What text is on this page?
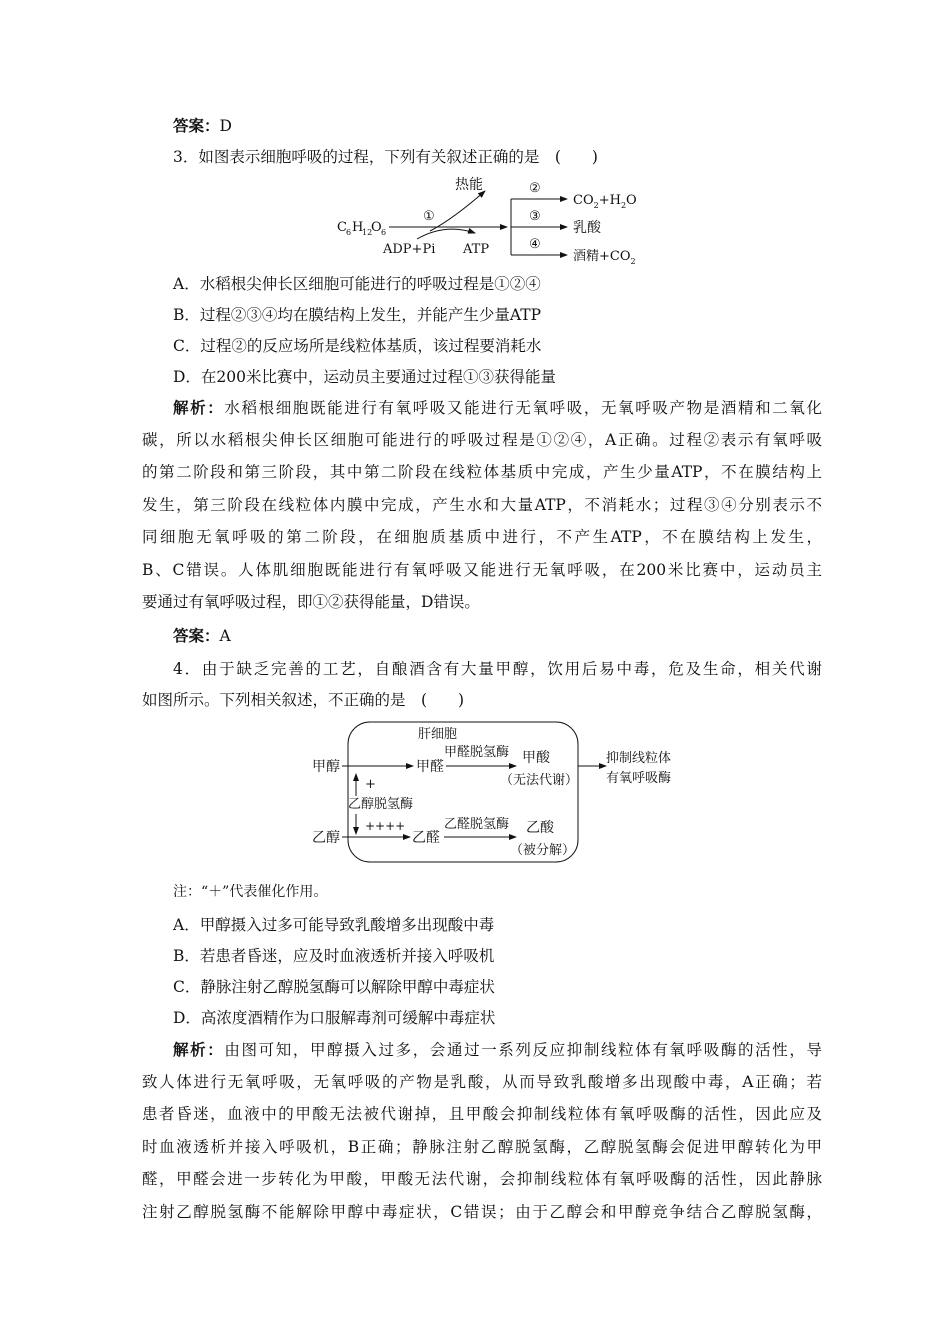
答案：D
3．如图表示细胞呼吸的过程，下列有关叙述正确的是　(　　)
C 6 H
12
O 6
①
热能
ADP+Pi ATP
②
③
④
$CO_2+H_2O$
乳酸
酒精$+CO_2$
A．水稻根尖伸长区细胞可能进行的呼吸过程是①②④
B．过程②③④均在膜结构上发生，并能产生少量ATP
C．过程②的反应场所是线粒体基质，该过程要消耗水
D．在200米比赛中，运动员主要通过过程①③获得能量
解析：水稻根细胞既能进行有氧呼吸又能进行无氧呼吸，无氧呼吸产物是酒精和二氧化
碳，所以水稻根尖伸长区细胞可能进行的呼吸过程是①②④，A正确。过程②表示有氧呼吸
的第二阶段和第三阶段，其中第二阶段在线粒体基质中完成，产生少量ATP，不在膜结构上
发生，第三阶段在线粒体内膜中完成，产生水和大量ATP，不消耗水；过程③④分别表示不
同细胞无氧呼吸的第二阶段，在细胞质基质中进行，不产生ATP，不在膜结构上发生，
B、C错误。人体肌细胞既能进行有氧呼吸又能进行无氧呼吸，在200米比赛中，运动员主
要通过有氧呼吸过程，即①②获得能量，D错误。
答案：A
4．由于缺乏完善的工艺，自酿酒含有大量甲醇，饮用后易中毒，危及生命，相关代谢
如图所示。下列相关叙述，不正确的是　(　　)
肝细胞
甲醇	甲醛
甲醛脱氢酶 甲酸
（无法代谢）
抑制线粒体
有氧呼吸酶
+
乙醇脱氢酶
++++
乙醇	乙醛
乙醛脱氢酶 乙酸
（被分解）
注：“＋”代表催化作用。
A．甲醇摄入过多可能导致乳酸增多出现酸中毒
B．若患者昏迷，应及时血液透析并接入呼吸机
C．静脉注射乙醇脱氢酶可以解除甲醇中毒症状
D．高浓度酒精作为口服解毒剂可缓解中毒症状
解析：由图可知，甲醇摄入过多，会通过一系列反应抑制线粒体有氧呼吸酶的活性，导
致人体进行无氧呼吸，无氧呼吸的产物是乳酸，从而导致乳酸增多出现酸中毒，A正确；若
患者昏迷，血液中的甲酸无法被代谢掉，且甲酸会抑制线粒体有氧呼吸酶的活性，因此应及
时血液透析并接入呼吸机，B正确；静脉注射乙醇脱氢酶，乙醇脱氢酶会促进甲醇转化为甲
醛，甲醛会进一步转化为甲酸，甲酸无法代谢，会抑制线粒体有氧呼吸酶的活性，因此静脉
注射乙醇脱氢酶不能解除甲醇中毒症状，C错误；由于乙醇会和甲醇竞争结合乙醇脱氢酶，
